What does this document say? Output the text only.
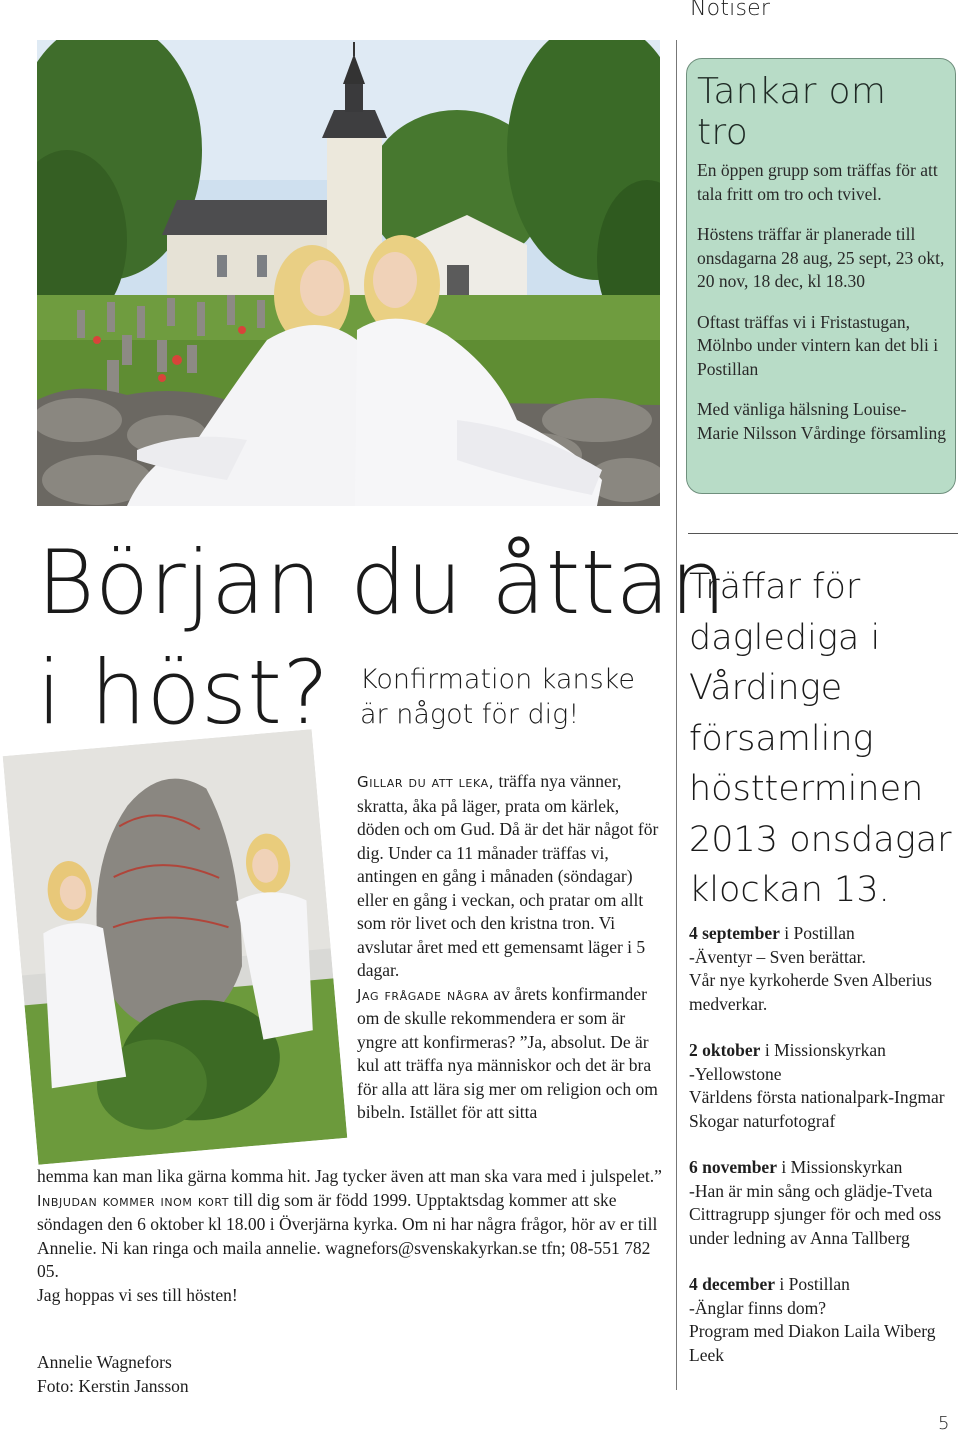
Notiser
Tankar om tro

En öppen grupp som träffas för att tala fritt om tro och tvivel.

Höstens träffar är planerade till onsdagarna 28 aug, 25 sept, 23 okt, 20 nov, 18 dec, kl 18.30

Oftast träffas vi i Fristastugan, Mölnbo under vintern kan det bli i Postillan

Med vänliga hälsning Louise-Marie Nilsson Vårdinge församling

Början du åttan
i höst?	Konfirmation kanske
är något för dig!

Gillar du att leka, träffa nya vänner, skratta, åka på läger, prata om kärlek, döden och om Gud. Då är det här något för dig. Under ca 11 månader träffas vi, antingen en gång i månaden (söndagar) eller en gång i veckan, och pratar om allt som rör livet och den kristna tron. Vi avslutar året med ett gemensamt läger i 5 dagar.

Jag frågade några av årets konfirmander om de skulle rekommendera er som är yngre att konfirmeras? ”Ja, absolut. De är kul att träffa nya människor och det är bra för alla att lära sig mer om religion och om bibeln. Istället för att sitta

hemma kan man lika gärna komma hit. Jag tycker även att man ska vara med i julspelet.”

Inbjudan kommer inom kort till dig som är född 1999. Upptaktsdag kommer att ske söndagen den 6 oktober kl 18.00 i Överjärna kyrka. Om ni har några frågor, hör av er till Annelie. Ni kan ringa och maila annelie. wagnefors@svenskakyrkan.se tfn; 08-551 782 05.

Jag hoppas vi ses till hösten!

Annelie Wagnefors

Foto: Kerstin Jansson

Träffar för
daglediga i
Vårdinge
församling
höstterminen
2013 onsdagar
klockan 13.
4 september i Postillan
-Äventyr – Sven berättar.
Vår nye kyrkoherde Sven Alberius medverkar.
2 oktober i Missionskyrkan
-Yellowstone
Världens första nationalpark-Ingmar Skogar naturfotograf
6 november i Missionskyrkan
-Han är min sång och glädje-Tveta Cittragrupp sjunger för och med oss under ledning av Anna Tallberg
4 december i Postillan
-Änglar finns dom?
Program med Diakon Laila Wiberg Leek
5
